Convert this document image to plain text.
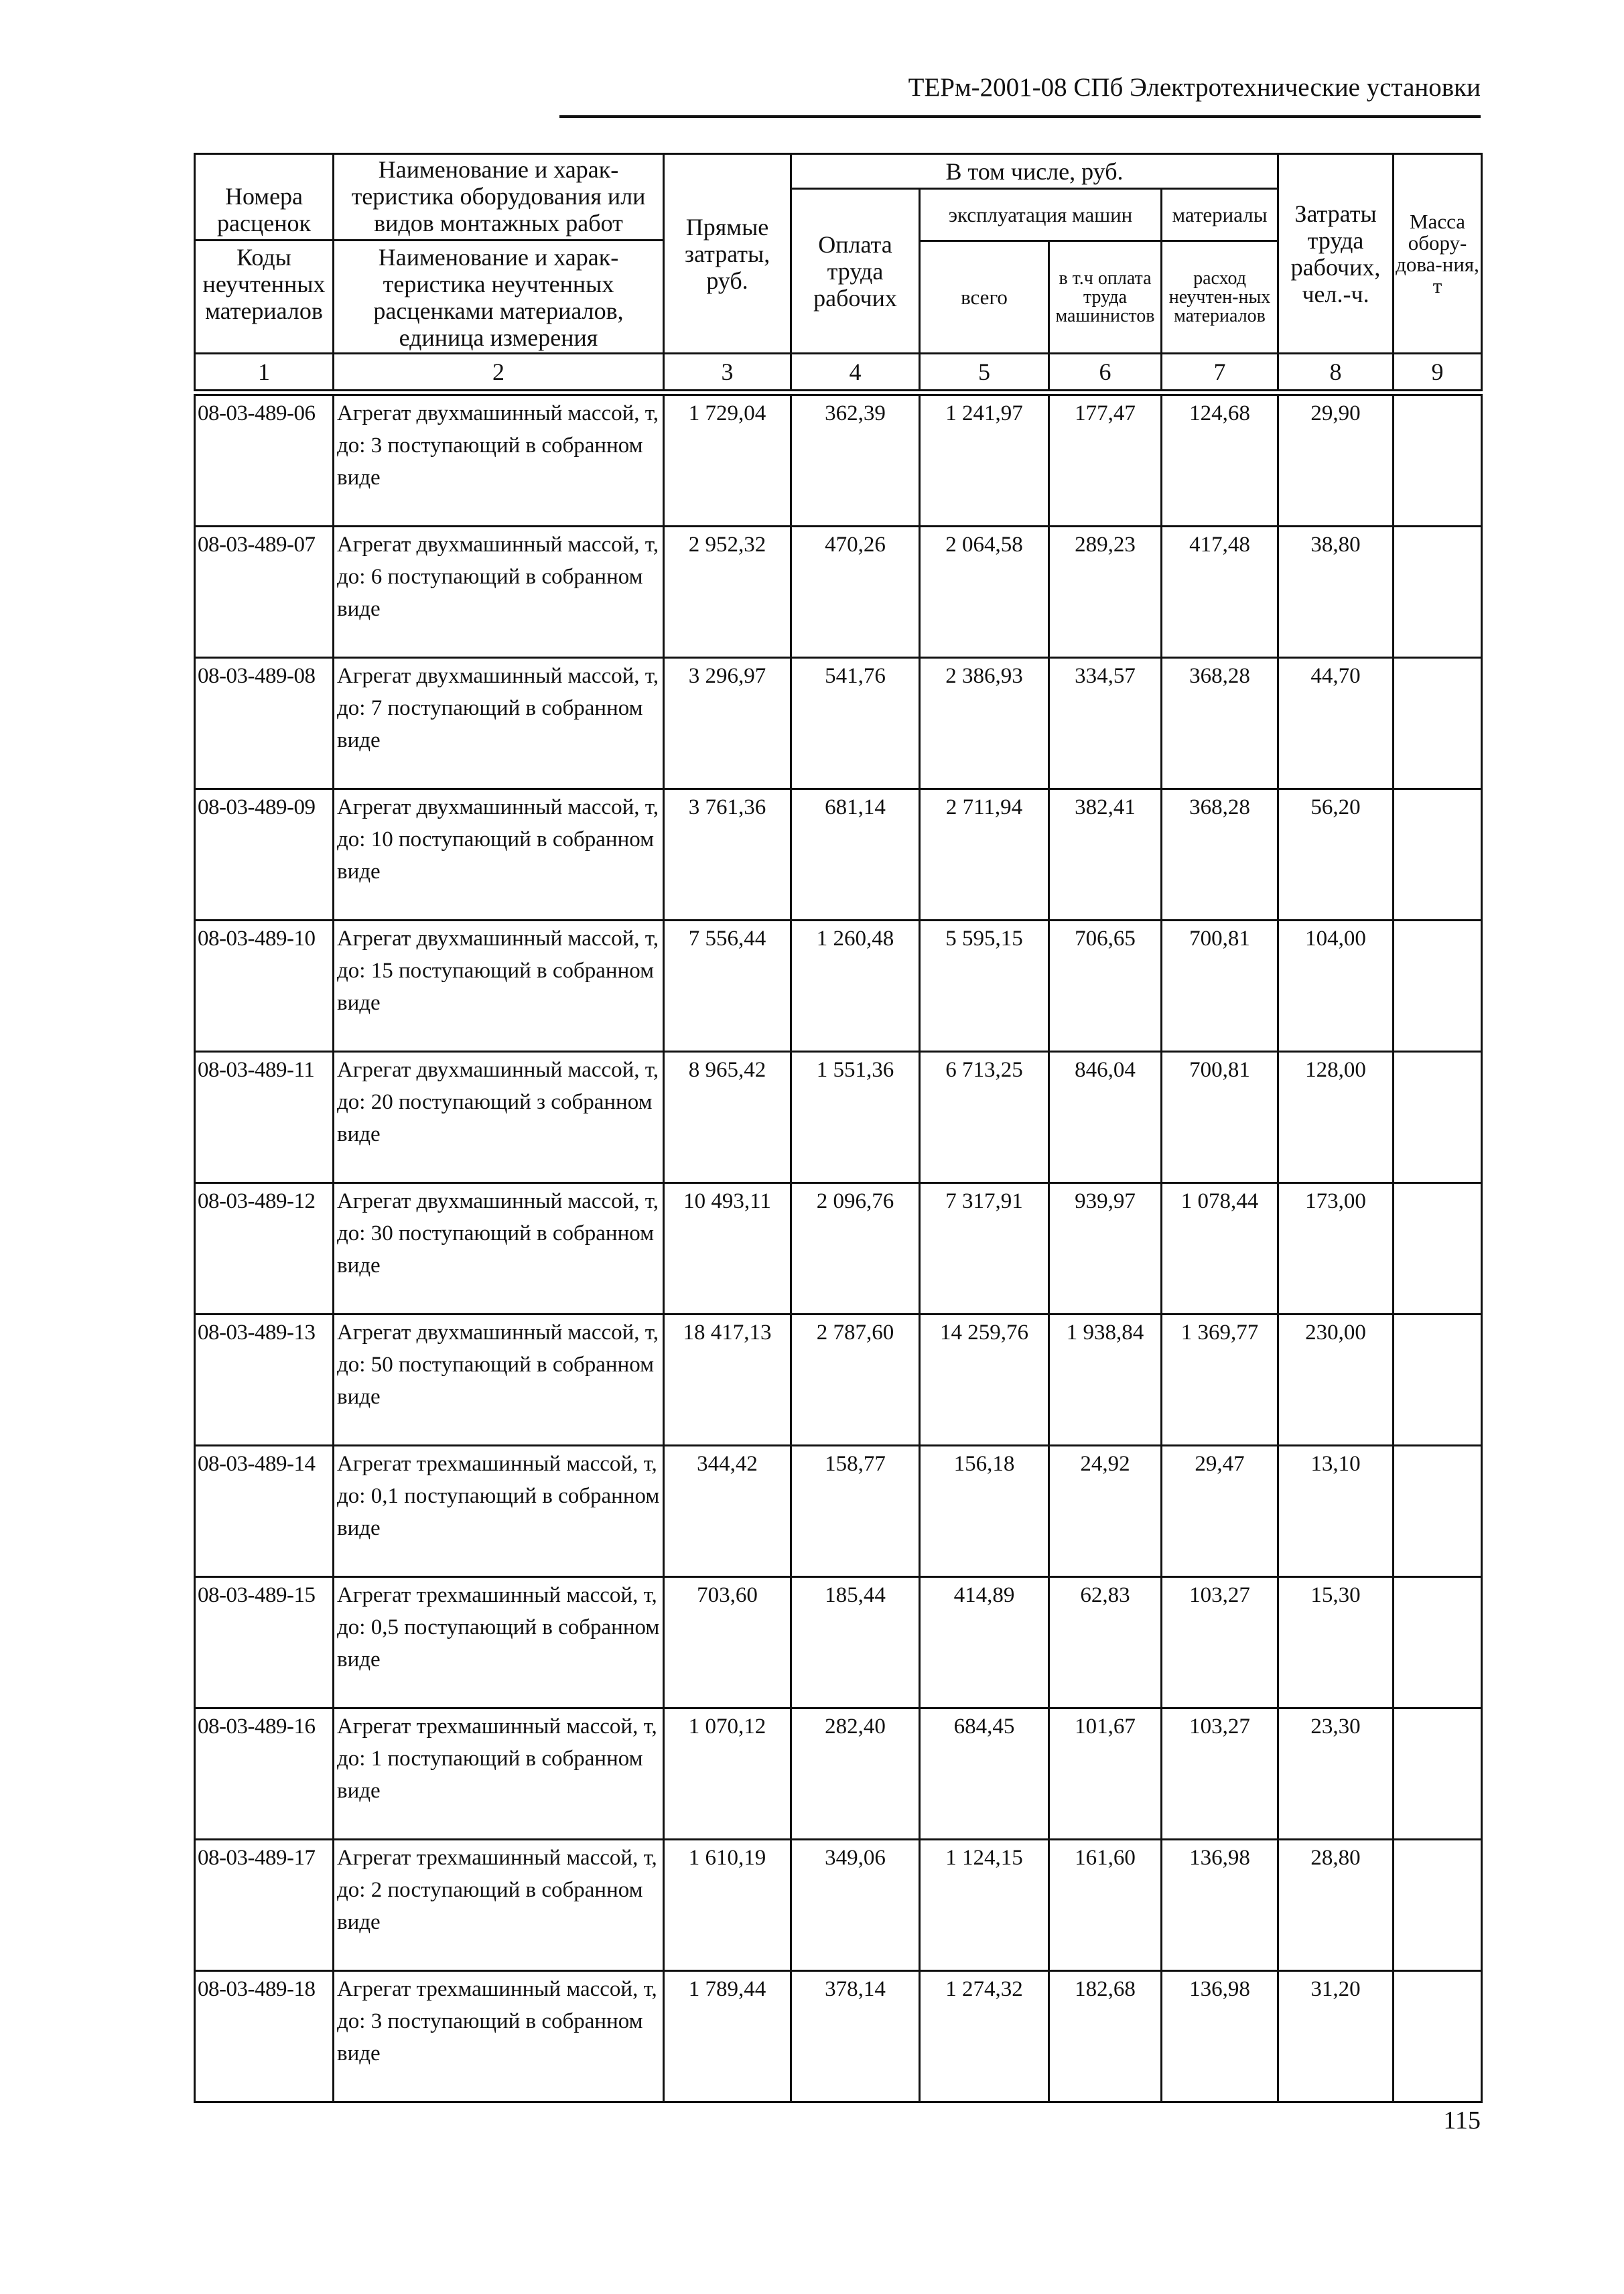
ТЕРм-2001-08 СПб Электротехнические установки
Номера расценок
Коды неучтенных материалов	Наименование и харак-теристика оборудования или видов монтажных работ
Наименование и харак-теристика неучтенных расценками материалов, единица измерения	Прямые затраты, руб.	В том числе, руб.				Затраты труда рабочих, чел.-ч.	Масса обору-дова-ния, т
			Оплата труда рабочих	эксплуатация машин		материалы		
				всего	в т.ч оплата труда машинистов	расход неучтен-ных материалов		
1	2	3	4	5	6	7	8	9
08-03-489-06	Агрегат двухмашинный массой, т, до: 3 поступающий в собранном виде	1 729,04	362,39	1 241,97	177,47	124,68	29,90	
08-03-489-07	Агрегат двухмашинный массой, т, до: 6 поступающий в собранном виде	2 952,32	470,26	2 064,58	289,23	417,48	38,80	
08-03-489-08	Агрегат двухмашинный массой, т, до: 7 поступающий в собранном виде	3 296,97	541,76	2 386,93	334,57	368,28	44,70	
08-03-489-09	Агрегат двухмашинный массой, т, до: 10 поступающий в собранном виде	3 761,36	681,14	2 711,94	382,41	368,28	56,20	
08-03-489-10	Агрегат двухмашинный массой, т, до: 15 поступающий в собранном виде	7 556,44	1 260,48	5 595,15	706,65	700,81	104,00	
08-03-489-11	Агрегат двухмашинный массой, т, до: 20 поступающий з собранном виде	8 965,42	1 551,36	6 713,25	846,04	700,81	128,00	
08-03-489-12	Агрегат двухмашинный массой, т, до: 30 поступающий в собранном виде	10 493,11	2 096,76	7 317,91	939,97	1 078,44	173,00	
08-03-489-13	Агрегат двухмашинный массой, т, до: 50 поступающий в собранном виде	18 417,13	2 787,60	14 259,76	1 938,84	1 369,77	230,00	
08-03-489-14	Агрегат трехмашинный массой, т, до: 0,1 поступающий в собранном виде	344,42	158,77	156,18	24,92	29,47	13,10	
08-03-489-15	Агрегат трехмашинный массой, т, до: 0,5 поступающий в собранном виде	703,60	185,44	414,89	62,83	103,27	15,30	
08-03-489-16	Агрегат трехмашинный массой, т, до: 1 поступающий в собранном виде	1 070,12	282,40	684,45	101,67	103,27	23,30	
08-03-489-17	Агрегат трехмашинный массой, т, до: 2 поступающий в собранном виде	1 610,19	349,06	1 124,15	161,60	136,98	28,80	
08-03-489-18	Агрегат трехмашинный массой, т, до: 3 поступающий в собранном виде	1 789,44	378,14	1 274,32	182,68	136,98	31,20	
115
